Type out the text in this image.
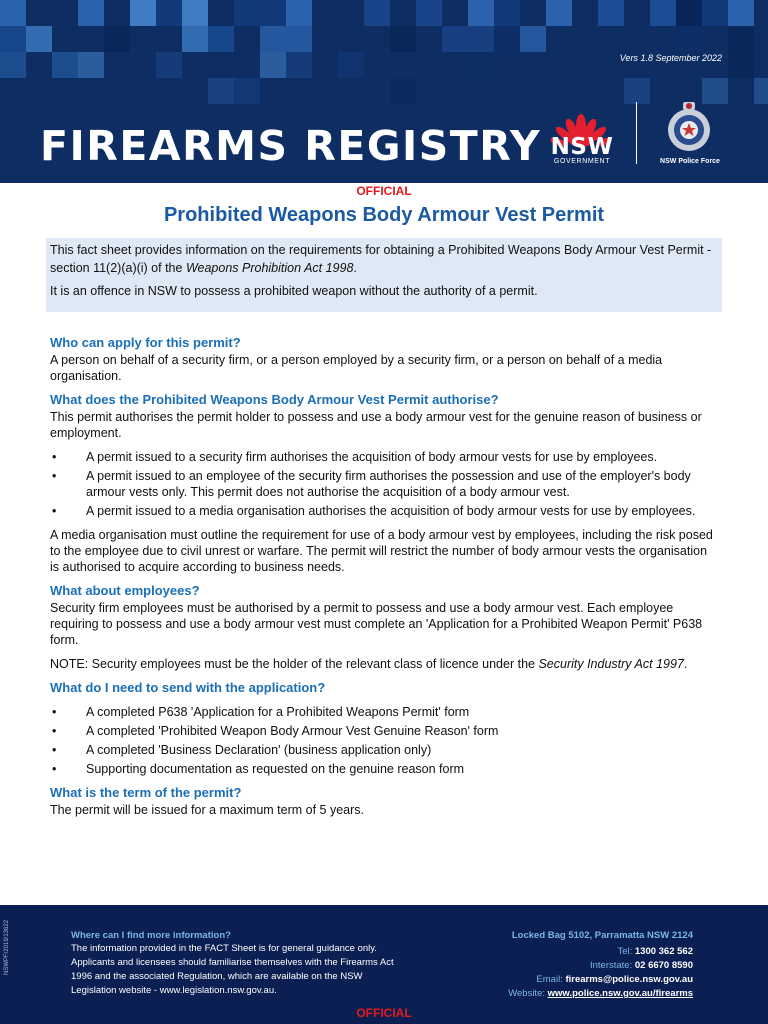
Vers 1.8 September 2022
FIREARMS REGISTRY NSW
GOVERNMENT	NSW Police Force
OFFICIAL
Prohibited Weapons Body Armour Vest Permit

This fact sheet provides information on the requirements for obtaining a Prohibited Weapons Body Armour Vest Permit - section 11(2)(a)(i) of the Weapons Prohibition Act 1998.

It is an offence in NSW to possess a prohibited weapon without the authority of a permit.

Who can apply for this permit?

A person on behalf of a security firm, or a person employed by a security firm, or a person on behalf of a media organisation.

What does the Prohibited Weapons Body Armour Vest Permit authorise?

This permit authorises the permit holder to possess and use a body armour vest for the genuine reason of business or employment.

• A permit issued to a security firm authorises the acquisition of body armour vests for use by employees.
• A permit issued to an employee of the security firm authorises the possession and use of the employer's body armour vests only. This permit does not authorise the acquisition of a body armour vest.
• A permit issued to a media organisation authorises the acquisition of body armour vests for use by employees.

A media organisation must outline the requirement for use of a body armour vest by employees, including the risk posed to the employee due to civil unrest or warfare. The permit will restrict the number of body armour vests the organisation is authorised to acquire according to business needs.

What about employees?

Security firm employees must be authorised by a permit to possess and use a body armour vest. Each employee requiring to possess and use a body armour vest must complete an 'Application for a Prohibited Weapon Permit' P638 form.

NOTE: Security employees must be the holder of the relevant class of licence under the Security Industry Act 1997.

What do I need to send with the application?
• A completed P638 'Application for a Prohibited Weapons Permit' form
• A completed 'Prohibited Weapon Body Armour Vest Genuine Reason' form
• A completed 'Business Declaration' (business application only)
• Supporting documentation as requested on the genuine reason form
What is the term of the permit?

The permit will be issued for a maximum term of 5 years.

NSWPF/2019/13622	Where can I find more information?
The information provided in the FACT Sheet is for general guidance only. Applicants and licensees should familiarise themselves with the Firearms Act 1996 and the associated Regulation, which are available on the NSW Legislation website - www.legislation.nsw.gov.au.
Locked Bag 5102, Parramatta NSW 2124
Tel: 1300 362 562
Interstate: 02 6670 8590
Email: firearms@police.nsw.gov.au
Website: www.police.nsw.gov.au/firearms
OFFICIAL
